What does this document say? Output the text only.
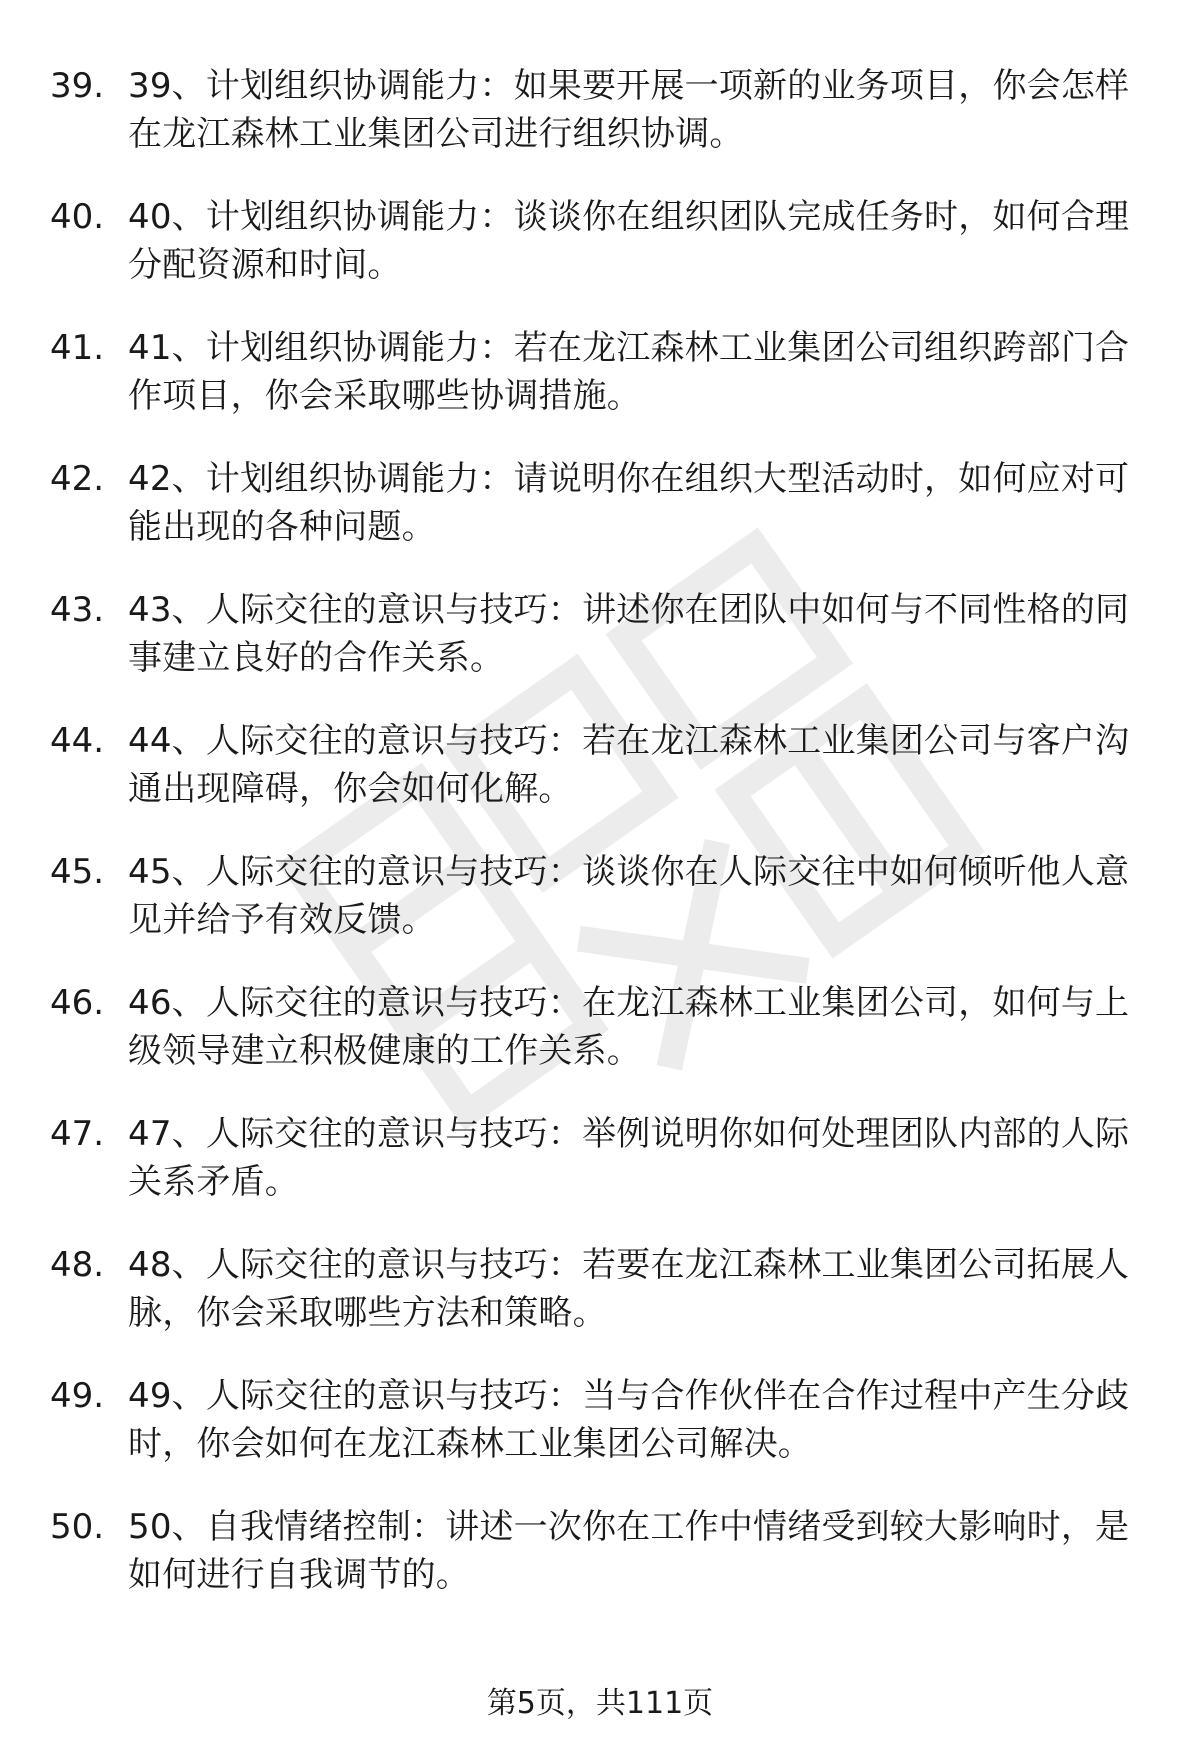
39. 39、计划组织协调能力：如果要开展一项新的业务项目，你会怎样在龙江森林工业集团公司进行组织协调。
40. 40、计划组织协调能力：谈谈你在组织团队完成任务时，如何合理分配资源和时间。
41. 41、计划组织协调能力：若在龙江森林工业集团公司组织跨部门合作项目，你会采取哪些协调措施。
42. 42、计划组织协调能力：请说明你在组织大型活动时，如何应对可能出现的各种问题。
43. 43、人际交往的意识与技巧：讲述你在团队中如何与不同性格的同事建立良好的合作关系。
44. 44、人际交往的意识与技巧：若在龙江森林工业集团公司与客户沟通出现障碍，你会如何化解。
45. 45、人际交往的意识与技巧：谈谈你在人际交往中如何倾听他人意见并给予有效反馈。
46. 46、人际交往的意识与技巧：在龙江森林工业集团公司，如何与上级领导建立积极健康的工作关系。
47. 47、人际交往的意识与技巧：举例说明你如何处理团队内部的人际关系矛盾。
48. 48、人际交往的意识与技巧：若要在龙江森林工业集团公司拓展人脉，你会采取哪些方法和策略。
49. 49、人际交往的意识与技巧：当与合作伙伴在合作过程中产生分歧时，你会如何在龙江森林工业集团公司解决。
50. 50、自我情绪控制：讲述一次你在工作中情绪受到较大影响时，是如何进行自我调节的。
第5页，共111页
